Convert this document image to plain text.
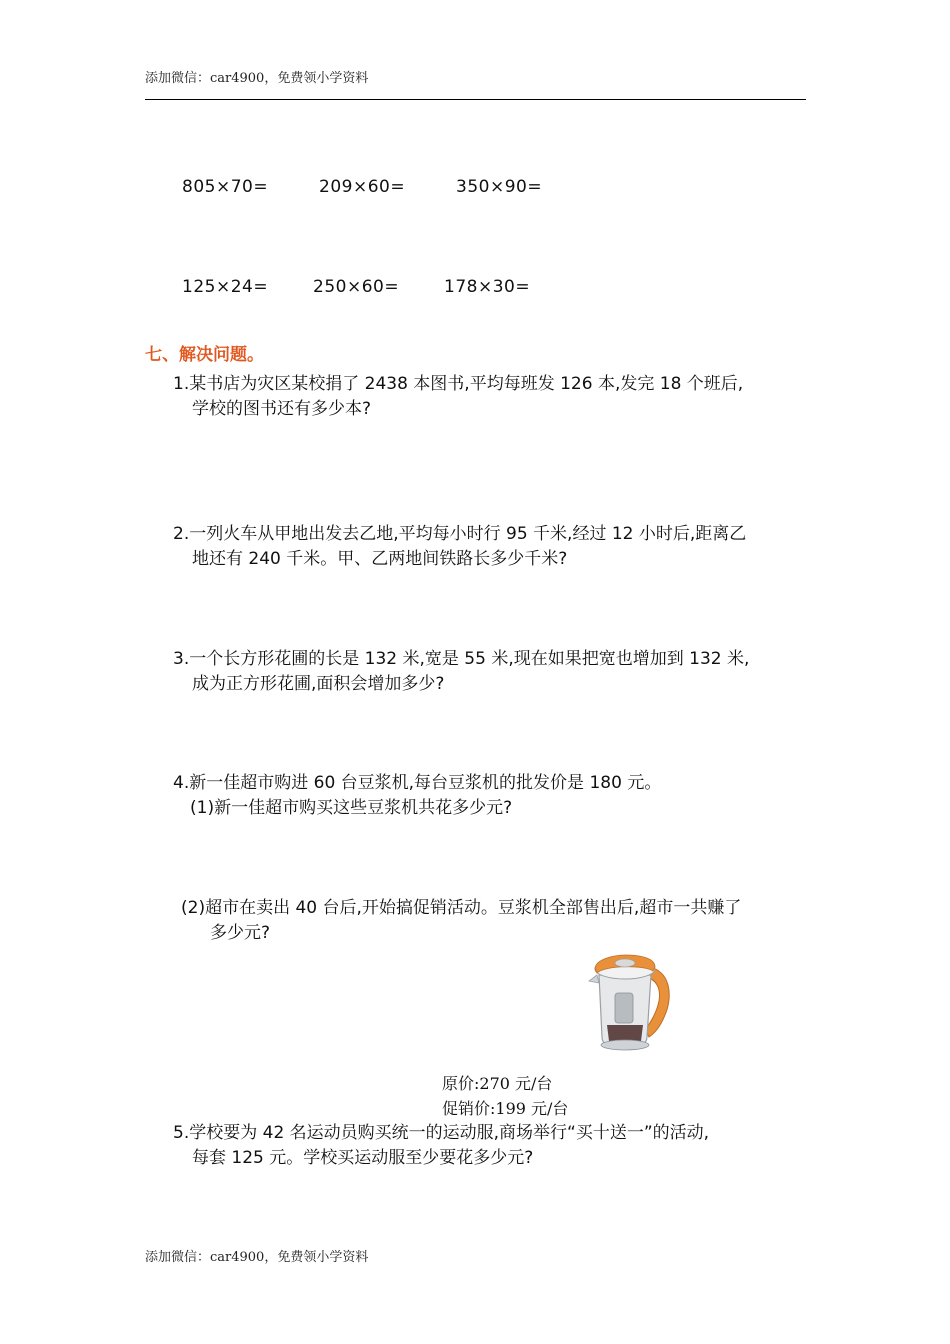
添加微信：car4900，免费领小学资料
805×70=	209×60=	350×90=
125×24=	250×60=	178×30=
七、解决问题。
1.某书店为灾区某校捐了 2438 本图书,平均每班发 126 本,发完 18 个班后,
学校的图书还有多少本?
2.一列火车从甲地出发去乙地,平均每小时行 95 千米,经过 12 小时后,距离乙
地还有 240 千米。甲、乙两地间铁路长多少千米?
3.一个长方形花圃的长是 132 米,宽是 55 米,现在如果把宽也增加到 132 米,
成为正方形花圃,面积会增加多少?
4.新一佳超市购进 60 台豆浆机,每台豆浆机的批发价是 180 元。
(1)新一佳超市购买这些豆浆机共花多少元?
(2)超市在卖出 40 台后,开始搞促销活动。豆浆机全部售出后,超市一共赚了
多少元?
原价:270 元/台
促销价:199 元/台
5.学校要为 42 名运动员购买统一的运动服,商场举行“买十送一”的活动,
每套 125 元。学校买运动服至少要花多少元?
添加微信：car4900，免费领小学资料
